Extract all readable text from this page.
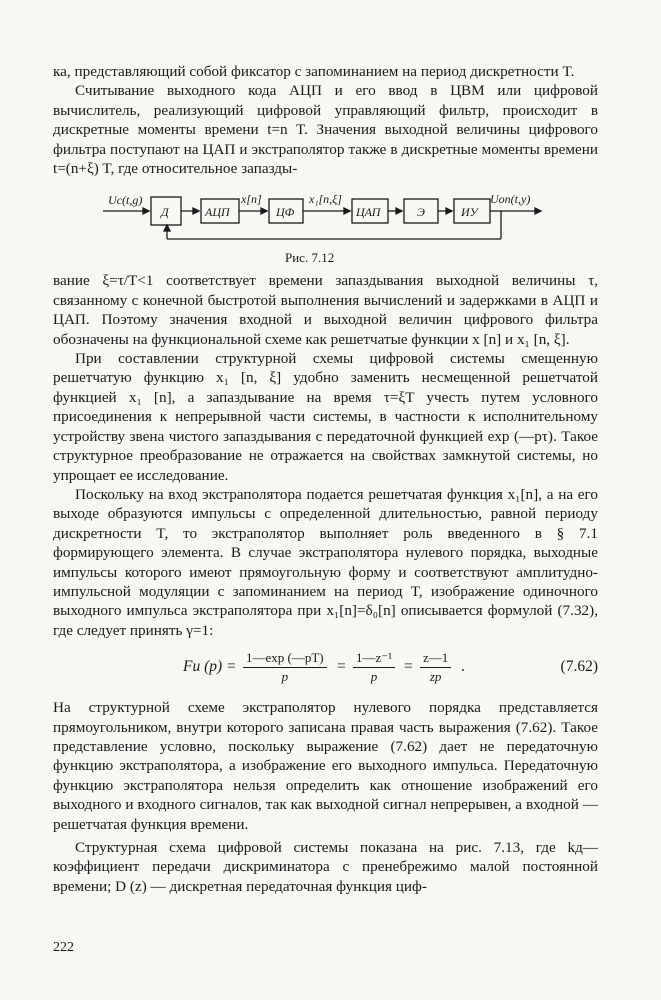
ка, представляющий собой фиксатор с запоминанием на период дискретности T.

Считывание выходного кода АЦП и его ввод в ЦВМ или цифровой вычислитель, реализующий цифровой управляющий фильтр, происходит в дискретные моменты времени t=n T. Значения выходной величины цифрового фильтра поступают на ЦАП и экстраполятор также в дискретные моменты времени t=(n+ξ) T, где относительное запазды-

Uc(t,g)
Д	АЦП
x[n]
ЦФ
x₁[n,ξ]
ЦАП	Э	ИУ
Uоп(t,y)
Рис. 7.12

вание ξ=τ/T<1 соответствует времени запаздывания выходной величины τ, связанному с конечной быстротой выполнения вычислений и задержками в АЦП и ЦАП. Поэтому значения входной и выходной величин цифрового фильтра обозначены на функциональной схеме как решетчатые функции x [n] и x₁ [n, ξ].

При составлении структурной схемы цифровой системы смещенную решетчатую функцию x₁ [n, ξ] удобно заменить несмещенной решетчатой функцией x₁ [n], а запаздывание на время τ=ξT учесть путем условного присоединения к непрерывной части системы, в частности к исполнительному устройству звена чистого запаздывания с передаточной функцией exp (—pτ). Такое структурное преобразование не отражается на свойствах замкнутой системы, но упрощает ее исследование.

Поскольку на вход экстраполятора подается решетчатая функция x₁[n], а на его выходе образуются импульсы с определенной длительностью, равной периоду дискретности T, то экстраполятор выполняет роль введенного в § 7.1 формирующего элемента. В случае экстраполятора нулевого порядка, выходные импульсы которого имеют прямоугольную форму и соответствуют амплитудно-импульсной модуляции с запоминанием на период T, изображение одиночного выходного импульса экстраполятора при x₁[n]=δ₀[n] описывается формулой (7.32), где следует принять γ=1:

Fи $(p) = \frac{1—\exp (—pT)}{p} = \frac{\text{1—z⁻¹}}{p} = \frac{z—1}{zp}$ .	(7.62)

На структурной схеме экстраполятор нулевого порядка представляется прямоугольником, внутри которого записана правая часть выражения (7.62). Такое представление условно, поскольку выражение (7.62) дает не передаточную функцию экстраполятора, а изображение его выходного импульса. Передаточную функцию экстраполятора нельзя определить как отношение изображений его выходного и входного сигналов, так как выходной сигнал непрерывен, а входной — решетчатая функция времени.

Структурная схема цифровой системы показана на рис. 7.13, где kд— коэффициент передачи дискриминатора с пренебрежимо малой постоянной времени; D (z) — дискретная передаточная функция циф-

222
